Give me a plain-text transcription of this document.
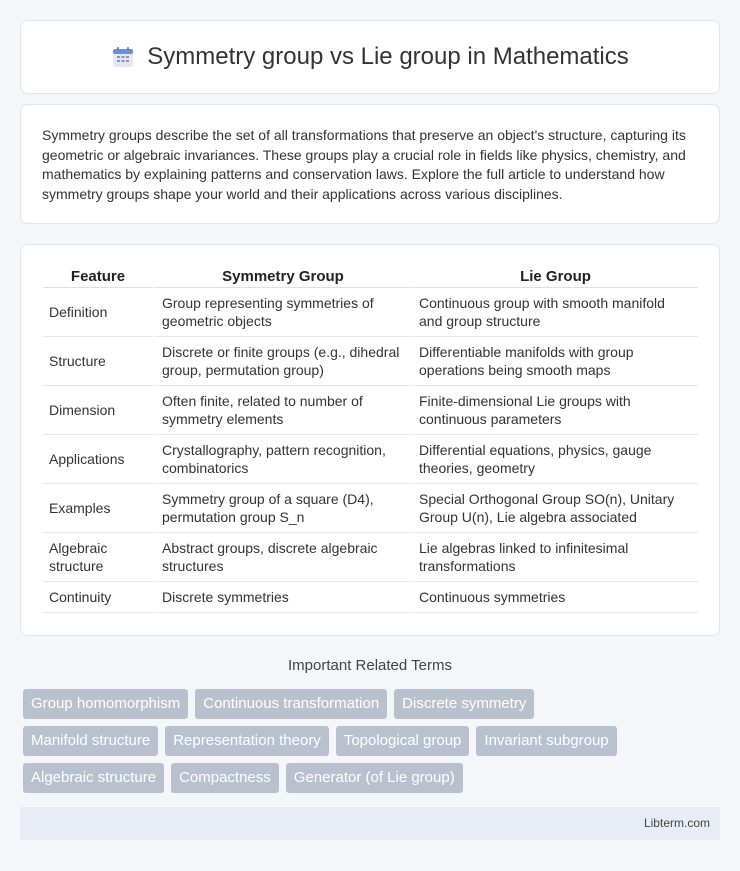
Symmetry group vs Lie group in Mathematics

Symmetry groups describe the set of all transformations that preserve an object's structure, capturing its geometric or algebraic invariances. These groups play a crucial role in fields like physics, chemistry, and mathematics by explaining patterns and conservation laws. Explore the full article to understand how symmetry groups shape your world and their applications across various disciplines.

Feature	Symmetry Group	Lie Group
Definition	Group representing symmetries of geometric objects	Continuous group with smooth manifold and group structure
Structure	Discrete or finite groups (e.g., dihedral group, permutation group)	Differentiable manifolds with group operations being smooth maps
Dimension	Often finite, related to number of symmetry elements	Finite-dimensional Lie groups with continuous parameters
Applications	Crystallography, pattern recognition, combinatorics	Differential equations, physics, gauge theories, geometry
Examples	Symmetry group of a square (D4), permutation group S_n	Special Orthogonal Group SO(n), Unitary Group U(n), Lie algebra associated
Algebraic structure	Abstract groups, discrete algebraic structures	Lie algebras linked to infinitesimal transformations
Continuity	Discrete symmetries	Continuous symmetries
Important Related Terms
Group homomorphism	Continuous transformation	Discrete symmetry
Manifold structure	Representation theory	Topological group	Invariant subgroup
Algebraic structure	Compactness	Generator (of Lie group)
Libterm.com
